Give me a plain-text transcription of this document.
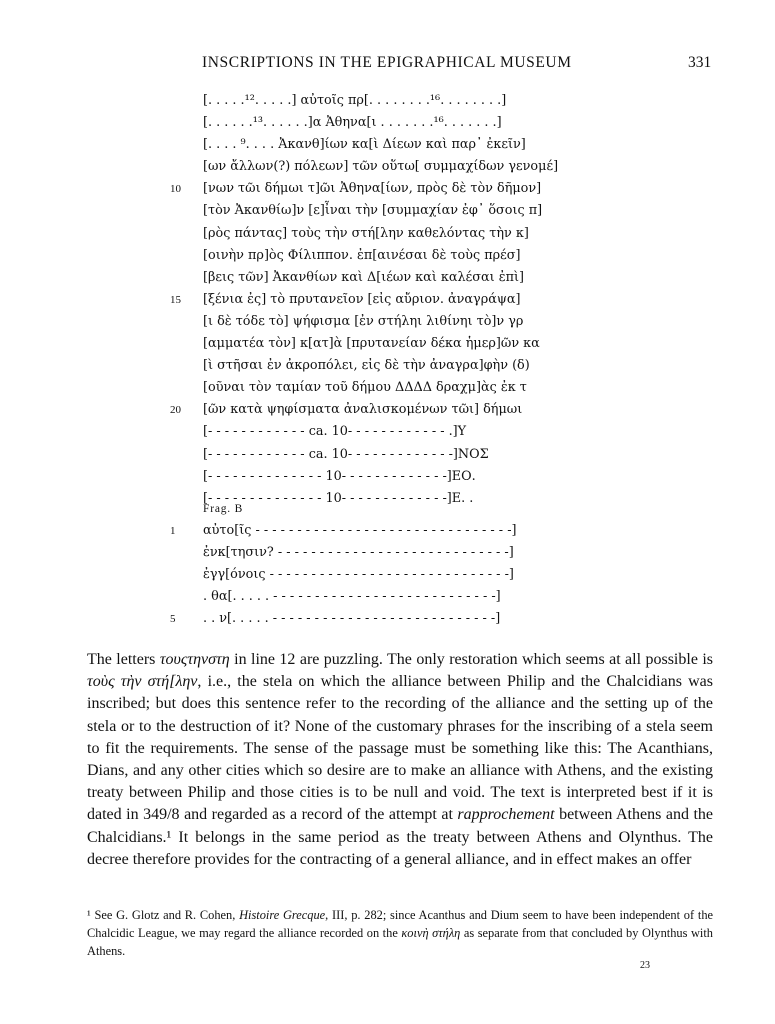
INSCRIPTIONS IN THE EPIGRAPHICAL MUSEUM	331
[. . . . .¹². . . . .] αὐτοῖς πρ[. . . . . . . .¹⁶. . . . . . . .]
[. . . . . .¹³. . . . . .]α Ἀθηνα[ι . . . . . . .¹⁶. . . . . . .]
[. . . . ⁹. . . . Ἀκανθ]ίων κα[ὶ Δίεων καὶ παρ᾽ ἐκεῖν]
[ων ἄλλων(?) πόλεων] τῶν οὕτω[ συμμαχίδων γενομέ]
10	[νων τῶι δήμωι τ]ῶι Ἀθηνα[ίων, πρὸς δὲ τὸν δῆμον]
[τὸν Ἀκανθίω]ν [ε]ἶναι τὴν [συμμαχίαν ἐφ᾽ ὅσοις π]
[ρὸς πάντας] τοὺς τὴν στή[λην καθελόντας τὴν κ]
[οινὴν πρ]ὸς Φίλιππον. ἐπ[αινέσαι δὲ τοὺς πρέσ]
[βεις τῶν] Ἀκανθίων καὶ Δ[ιέων καὶ καλέσαι ἐπὶ]
15	[ξένια ἐς] τὸ πρυτανεῖον [εἰς αὔριον. ἀναγράψα]
[ι δὲ τόδε τὸ] ψήφισμα [ἐν στήληι λιθίνηι τὸ]ν γρ
[αμματέα τὸν] κ[ατ]ὰ [πρυτανείαν δέκα ἡμερ]ῶν κα
[ὶ στῆσαι ἐν ἀκροπόλει, εἰς δὲ τὴν ἀναγρα]φὴν (δ)
[οῦναι τὸν ταμίαν τοῦ δήμου ΔΔΔΔ δραχμ]ὰς ἐκ τ
20	[ῶν κατὰ ψηφίσματα ἀναλισκομένων τῶι] δήμωι
[- - - - - - - - - - - - ca. 10- - - - - - - - - - - - .]Υ
[- - - - - - - - - - - - ca. 10- - - - - - - - - - - - -]ΝΟΣ
[- - - - - - - - - - - - - - 10- - - - - - - - - - - - -]ΕΟ.
[- - - - - - - - - - - - - - 10- - - - - - - - - - - - -]Ε. .
Frag. B
1	αὐτο[ῖς - - - - - - - - - - - - - - - - - - - - - - - - - - - - - - -]
ἐνκ[τησιν? - - - - - - - - - - - - - - - - - - - - - - - - - - - -]
ἐγγ[όνοις - - - - - - - - - - - - - - - - - - - - - - - - - - - - -]
. θα[. . . . . - - - - - - - - - - - - - - - - - - - - - - - - - - -]
5	. . ν[. . . . . - - - - - - - - - - - - - - - - - - - - - - - - - - -]

The letters τουςτηνστη in line 12 are puzzling. The only restoration which seems at all possible is τοὺς τὴν στή[λην, i.e., the stela on which the alliance between Philip and the Chalcidians was inscribed; but does this sentence refer to the recording of the alliance and the setting up of the stela or to the destruction of it? None of the customary phrases for the inscribing of a stela seem to fit the requirements. The sense of the passage must be something like this: The Acanthians, Dians, and any other cities which so desire are to make an alliance with Athens, and the existing treaty between Philip and those cities is to be null and void. The text is interpreted best if it is dated in 349/8 and regarded as a record of the attempt at rapprochement between Athens and the Chalcidians.¹ It belongs in the same period as the treaty between Athens and Olynthus. The decree therefore provides for the contracting of a general alliance, and in effect makes an offer

¹ See G. Glotz and R. Cohen, Histoire Grecque, III, p. 282; since Acanthus and Dium seem to have been independent of the Chalcidic League, we may regard the alliance recorded on the κοινὴ στήλη as separate from that concluded by Olynthus with Athens.
23
